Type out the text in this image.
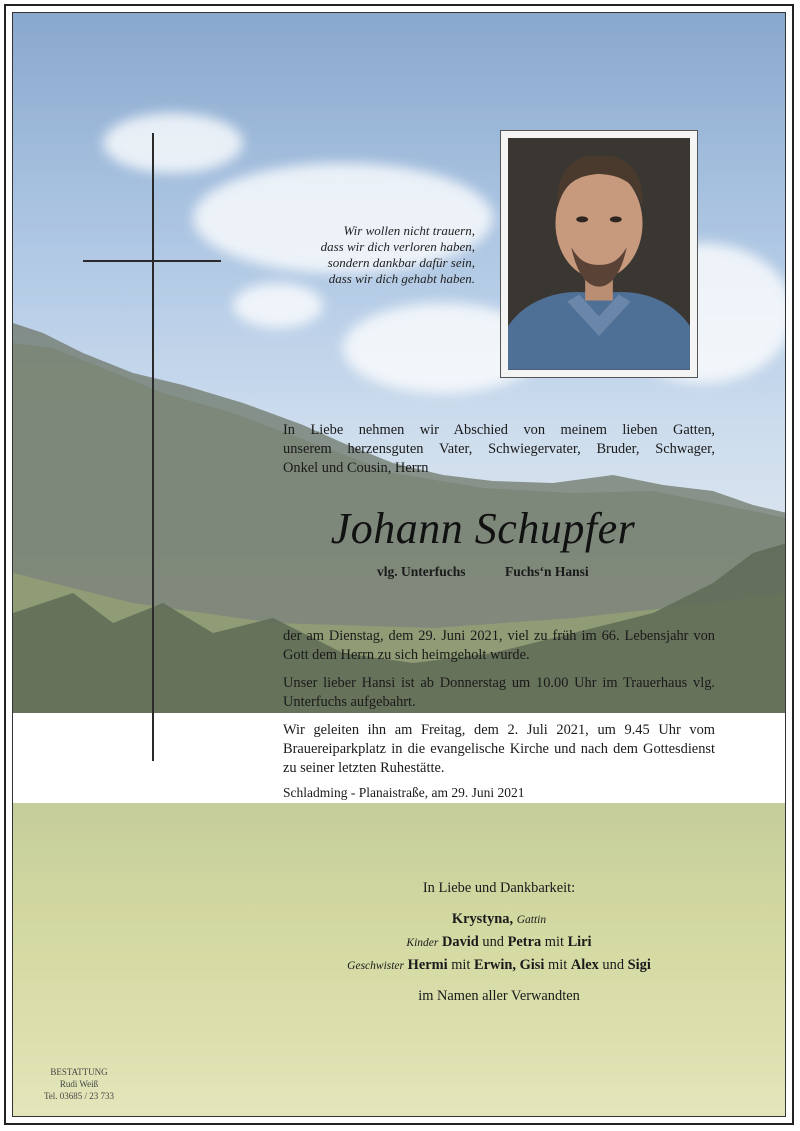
Wir wollen nicht trauern,
dass wir dich verloren haben,
sondern dankbar dafür sein,
dass wir dich gehabt haben.

In Liebe nehmen wir Abschied von meinem lieben Gatten,

unserem herzensguten Vater, Schwiegervater, Bruder, Schwager,

Onkel und Cousin, Herrn

Johann Schupfer
vlg. Unterfuchs	Fuchs‘n Hansi

der am Dienstag, dem 29. Juni 2021, viel zu früh im 66. Lebensjahr von Gott dem Herrn zu sich heimgeholt wurde.

Unser lieber Hansi ist ab Donnerstag um 10.00 Uhr im Trauerhaus vlg. Unterfuchs aufgebahrt.

Wir geleiten ihn am Freitag, dem 2. Juli 2021, um 9.45 Uhr vom Brauereiparkplatz in die evangelische Kirche und nach dem Gottesdienst zu seiner letzten Ruhestätte.

Schladming - Planaistraße, am 29. Juni 2021
In Liebe und Dankbarkeit:
Krystyna, Gattin
Kinder David und Petra mit Liri
Geschwister Hermi mit Erwin, Gisi mit Alex und Sigi
im Namen aller Verwandten
BESTATTUNG
Rudi Weiß
Tel. 03685 / 23 733
